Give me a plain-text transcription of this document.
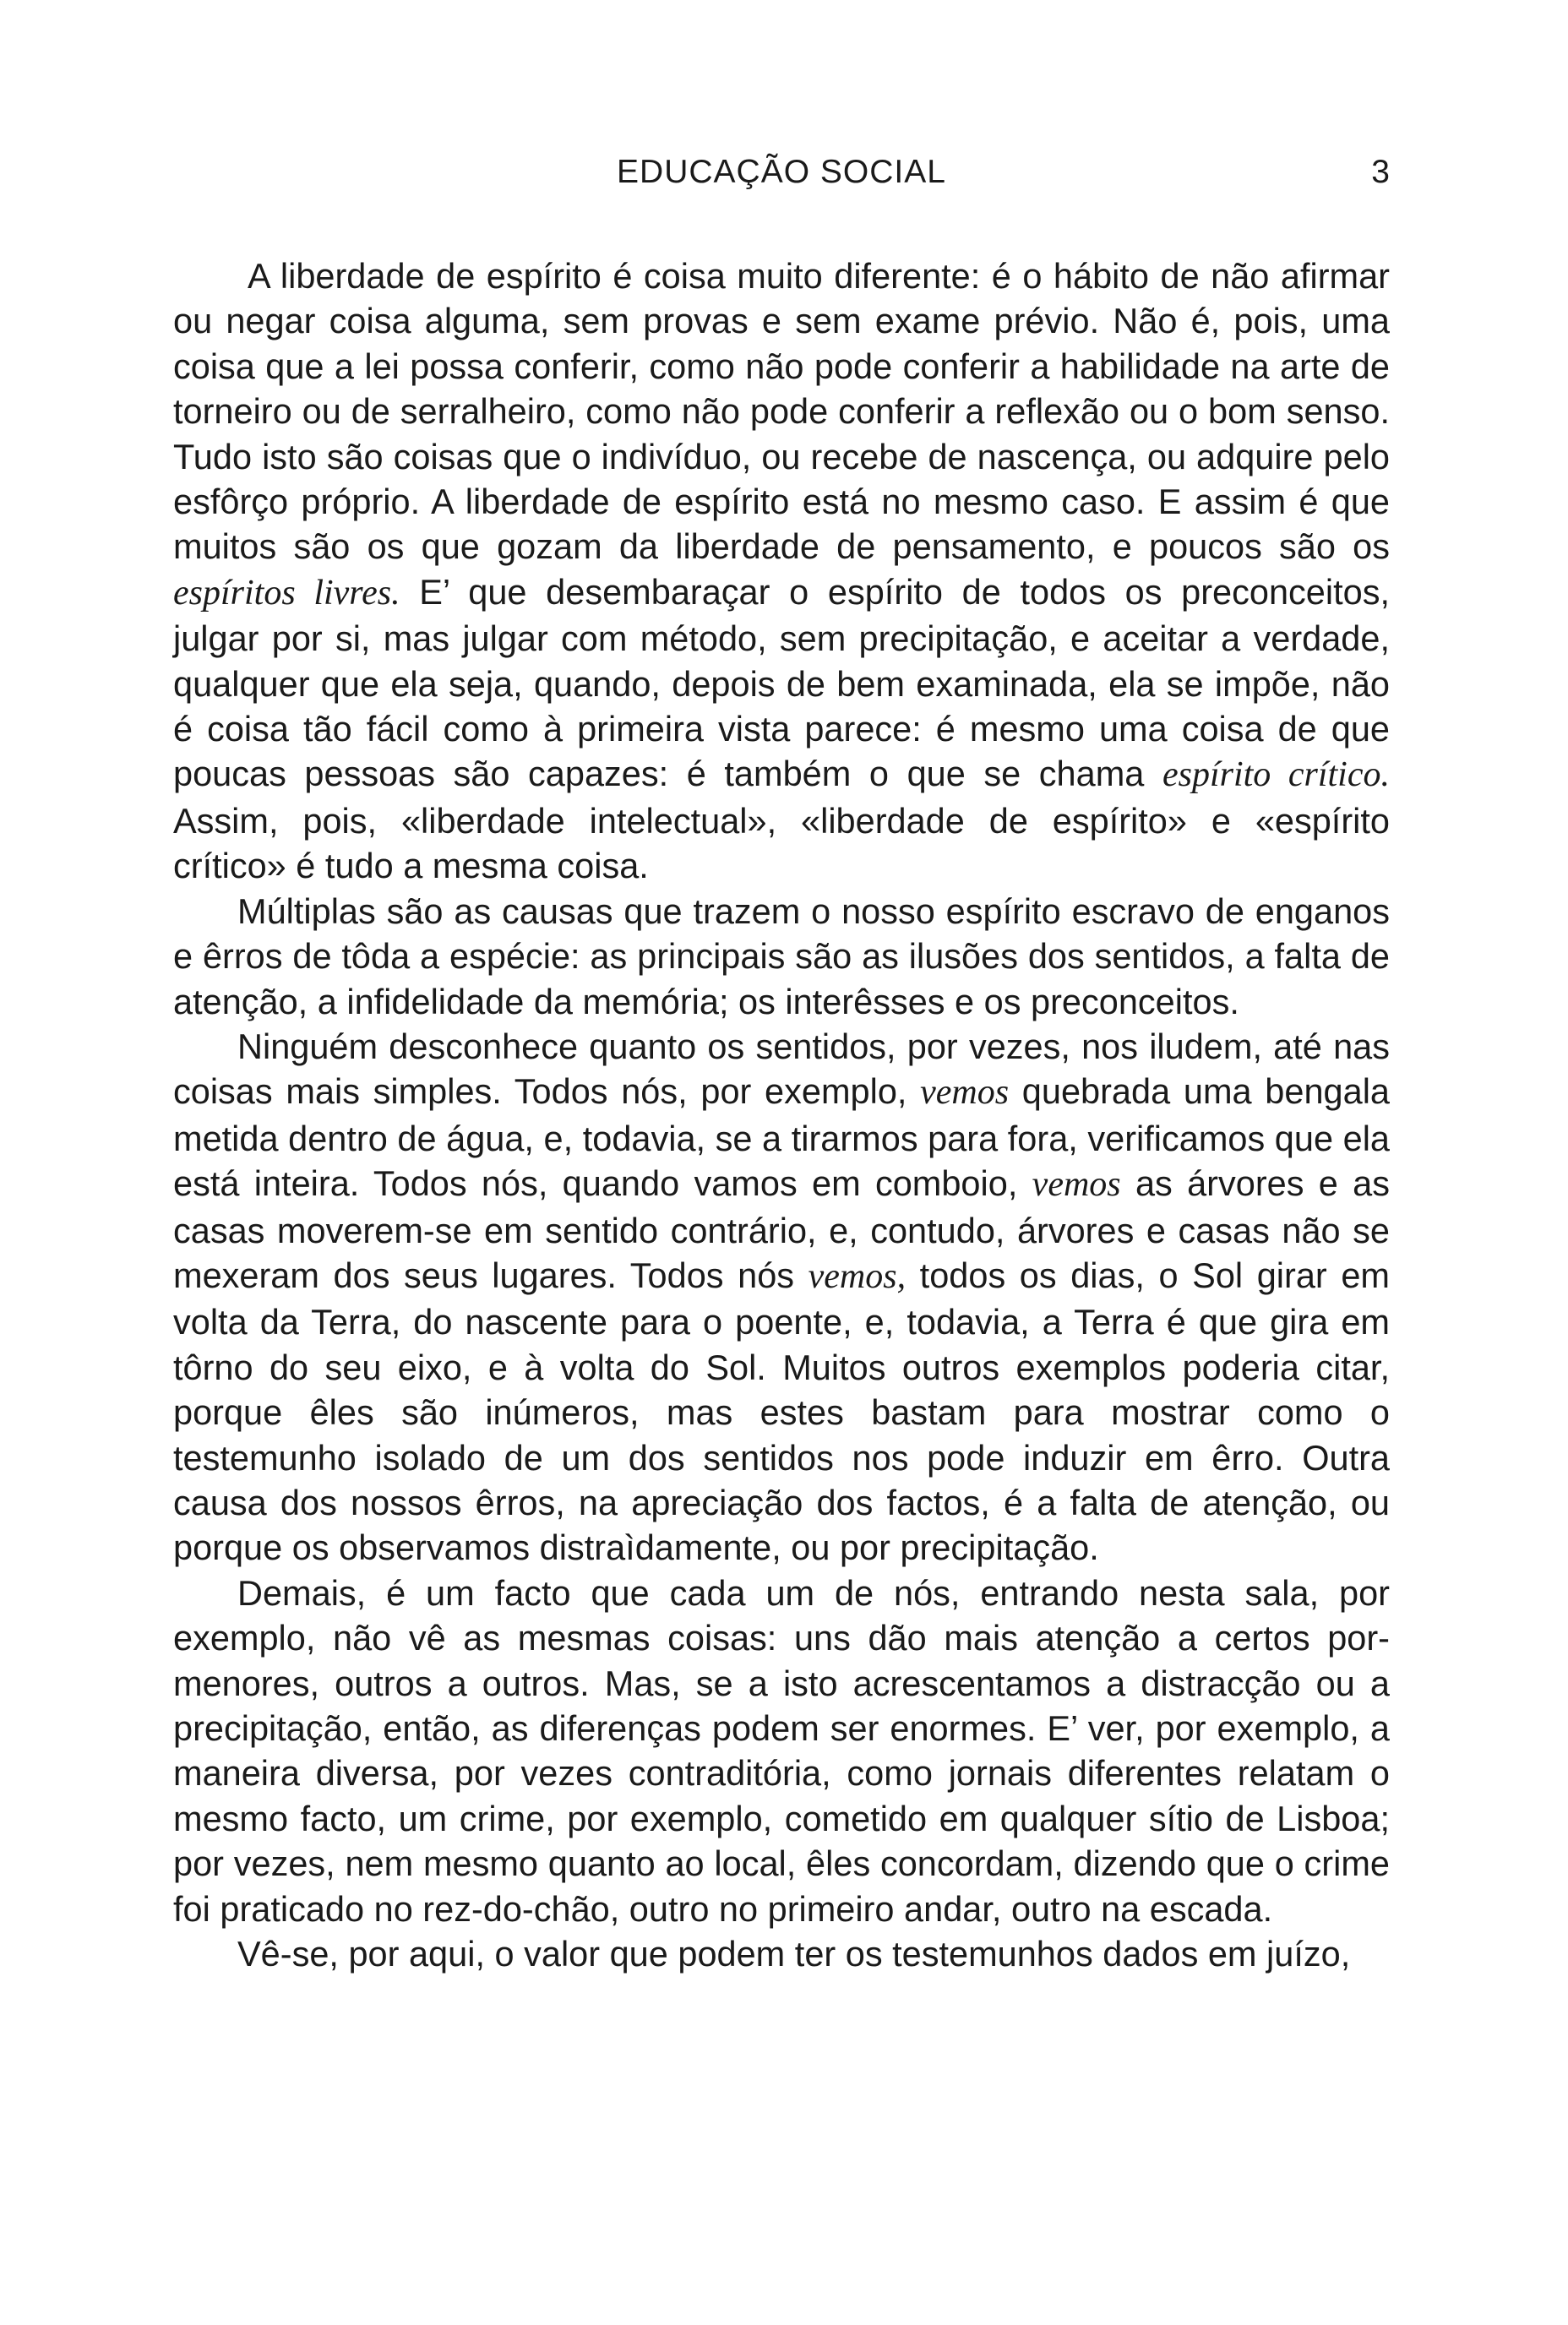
EDUCAÇÃO SOCIAL	3

A liberdade de espírito é coisa muito diferente: é o hábito de não afirmar ou negar coisa alguma, sem provas e sem exame prévio. Não é, pois, uma coisa que a lei possa conferir, como não pode conferir a habilidade na arte de torneiro ou de serralheiro, como não pode conferir a reflexão ou o bom senso. Tudo isto são coisas que o indivíduo, ou recebe de nascença, ou adquire pelo esfôrço próprio. A liberdade de espírito está no mesmo caso. E assim é que muitos são os que gozam da liberdade de pensamento, e poucos são os espíritos livres. E’ que desembaraçar o espírito de todos os preconceitos, julgar por si, mas julgar com método, sem precipitação, e aceitar a verdade, qualquer que ela seja, quando, depois de bem examinada, ela se impõe, não é coisa tão fácil como à primeira vista parece: é mesmo uma coisa de que poucas pessoas são capazes: é também o que se chama espírito crítico. Assim, pois, «liberdade intelectual», «liberdade de espírito» e «espírito crítico» é tudo a mesma coisa.

Múltiplas são as causas que trazem o nosso espírito escravo de enganos e êrros de tôda a espécie: as principais são as ilusões dos sentidos, a falta de atenção, a infidelidade da memória; os interêsses e os preconceitos.

Ninguém desconhece quanto os sentidos, por vezes, nos iludem, até nas coisas mais simples. Todos nós, por exemplo, vemos quebrada uma bengala metida dentro de água, e, todavia, se a tirarmos para fora, verificamos que ela está inteira. Todos nós, quando vamos em comboio, vemos as árvores e as casas moverem-se em sentido contrário, e, contudo, árvores e casas não se mexeram dos seus lugares. Todos nós vemos, todos os dias, o Sol girar em volta da Terra, do nascente para o poente, e, todavia, a Terra é que gira em tôrno do seu eixo, e à volta do Sol. Muitos outros exemplos poderia citar, porque êles são inúmeros, mas estes bastam para mostrar como o testemunho isolado de um dos sentidos nos pode induzir em êrro. Outra causa dos nossos êrros, na apreciação dos factos, é a falta de atenção, ou porque os observamos distraìdamente, ou por precipitação.

Demais, é um facto que cada um de nós, entrando nesta sala, por exemplo, não vê as mesmas coisas: uns dão mais atenção a certos pormenores, outros a outros. Mas, se a isto acrescentamos a distracção ou a precipitação, então, as diferenças podem ser enormes. E’ ver, por exemplo, a maneira diversa, por vezes contraditória, como jornais diferentes relatam o mesmo facto, um crime, por exemplo, cometido em qualquer sítio de Lisboa; por vezes, nem mesmo quanto ao local, êles concordam, dizendo que o crime foi praticado no rez-do-chão, outro no primeiro andar, outro na escada.

Vê-se, por aqui, o valor que podem ter os testemunhos dados em juízo,
